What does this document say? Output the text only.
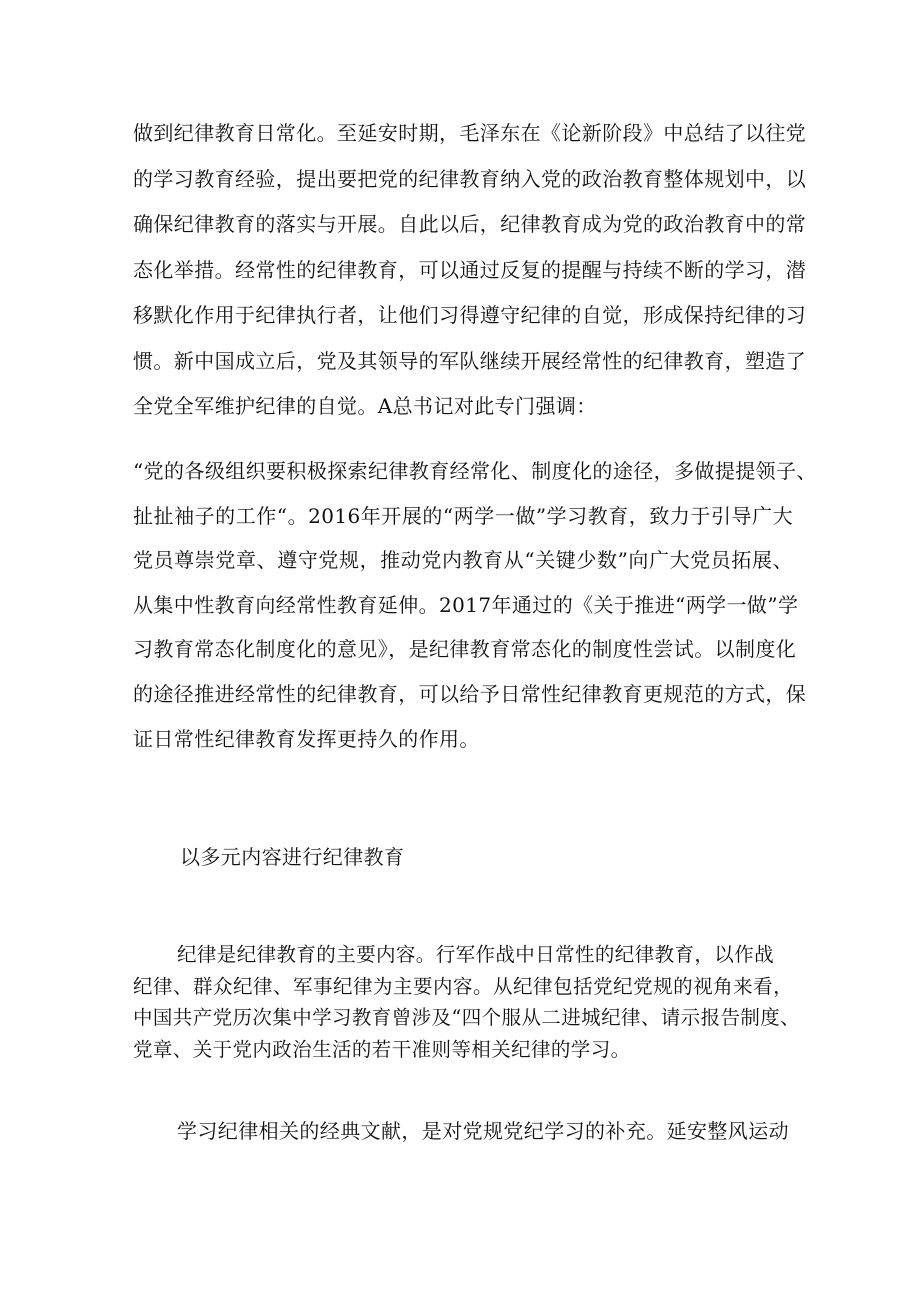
做到纪律教育日常化。至延安时期，毛泽东在《论新阶段》中总结了以往党
的学习教育经验，提出要把党的纪律教育纳入党的政治教育整体规划中，以
确保纪律教育的落实与开展。自此以后，纪律教育成为党的政治教育中的常
态化举措。经常性的纪律教育，可以通过反复的提醒与持续不断的学习，潜
移默化作用于纪律执行者，让他们习得遵守纪律的自觉，形成保持纪律的习
惯。新中国成立后，党及其领导的军队继续开展经常性的纪律教育，塑造了
全党全军维护纪律的自觉。A总书记对此专门强调：
“党的各级组织要积极探索纪律教育经常化、制度化的途径，多做提提领子、
扯扯袖子的工作“。2016年开展的“两学一做”学习教育，致力于引导广大
党员尊崇党章、遵守党规，推动党内教育从“关键少数”向广大党员拓展、
从集中性教育向经常性教育延伸。2017年通过的《关于推进“两学一做”学
习教育常态化制度化的意见》，是纪律教育常态化的制度性尝试。以制度化
的途径推进经常性的纪律教育，可以给予日常性纪律教育更规范的方式，保
证日常性纪律教育发挥更持久的作用。
以多元内容进行纪律教育
纪律是纪律教育的主要内容。行军作战中日常性的纪律教育，以作战
纪律、群众纪律、军事纪律为主要内容。从纪律包括党纪党规的视角来看，
中国共产党历次集中学习教育曾涉及“四个服从二进城纪律、请示报告制度、
党章、关于党内政治生活的若干准则等相关纪律的学习。
学习纪律相关的经典文献，是对党规党纪学习的补充。延安整风运动
